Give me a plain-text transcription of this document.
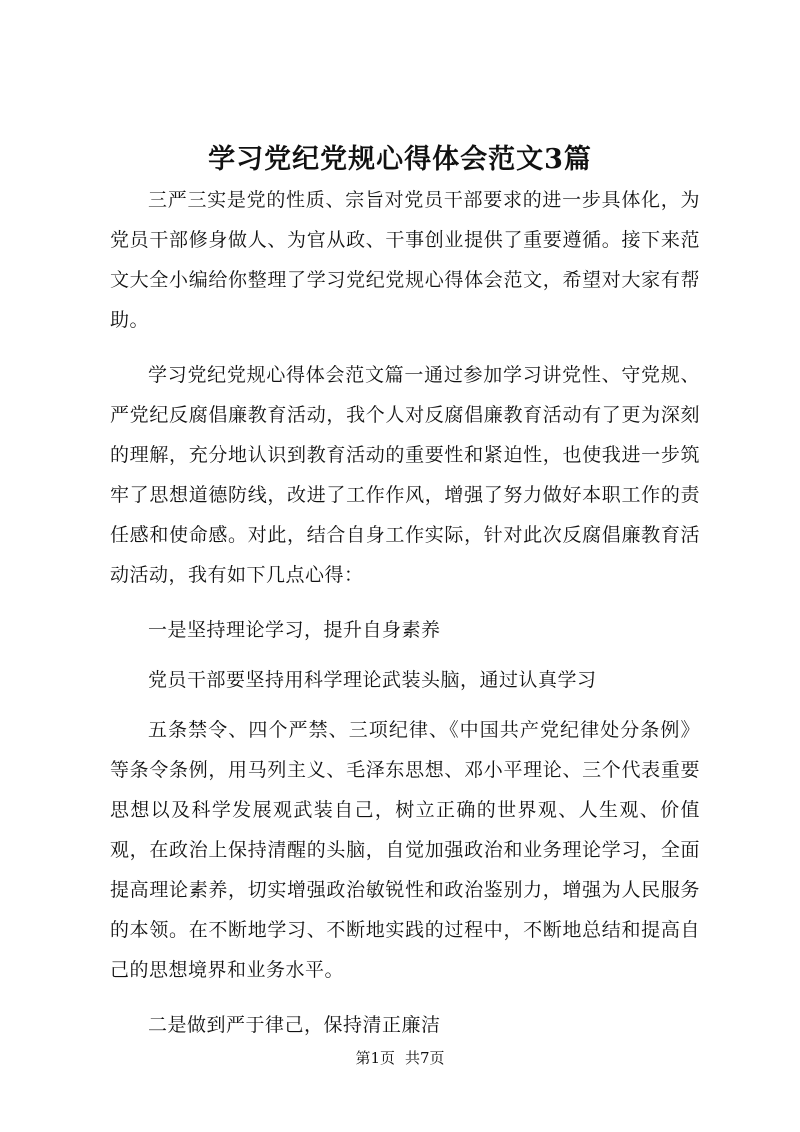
学习党纪党规心得体会范文3篇

三严三实是党的性质、宗旨对党员干部要求的进一步具体化，为党员干部修身做人、为官从政、干事创业提供了重要遵循。接下来范文大全小编给你整理了学习党纪党规心得体会范文，希望对大家有帮助。

学习党纪党规心得体会范文篇一通过参加学习讲党性、守党规、严党纪反腐倡廉教育活动，我个人对反腐倡廉教育活动有了更为深刻的理解，充分地认识到教育活动的重要性和紧迫性，也使我进一步筑牢了思想道德防线，改进了工作作风，增强了努力做好本职工作的责任感和使命感。对此，结合自身工作实际，针对此次反腐倡廉教育活动活动，我有如下几点心得：

一是坚持理论学习，提升自身素养

党员干部要坚持用科学理论武装头脑，通过认真学习

五条禁令、四个严禁、三项纪律、《中国共产党纪律处分条例》等条令条例，用马列主义、毛泽东思想、邓小平理论、三个代表重要思想以及科学发展观武装自己，树立正确的世界观、人生观、价值观，在政治上保持清醒的头脑，自觉加强政治和业务理论学习，全面提高理论素养，切实增强政治敏锐性和政治鉴别力，增强为人民服务的本领。在不断地学习、不断地实践的过程中，不断地总结和提高自己的思想境界和业务水平。

二是做到严于律己，保持清正廉洁

第1页 共7页
